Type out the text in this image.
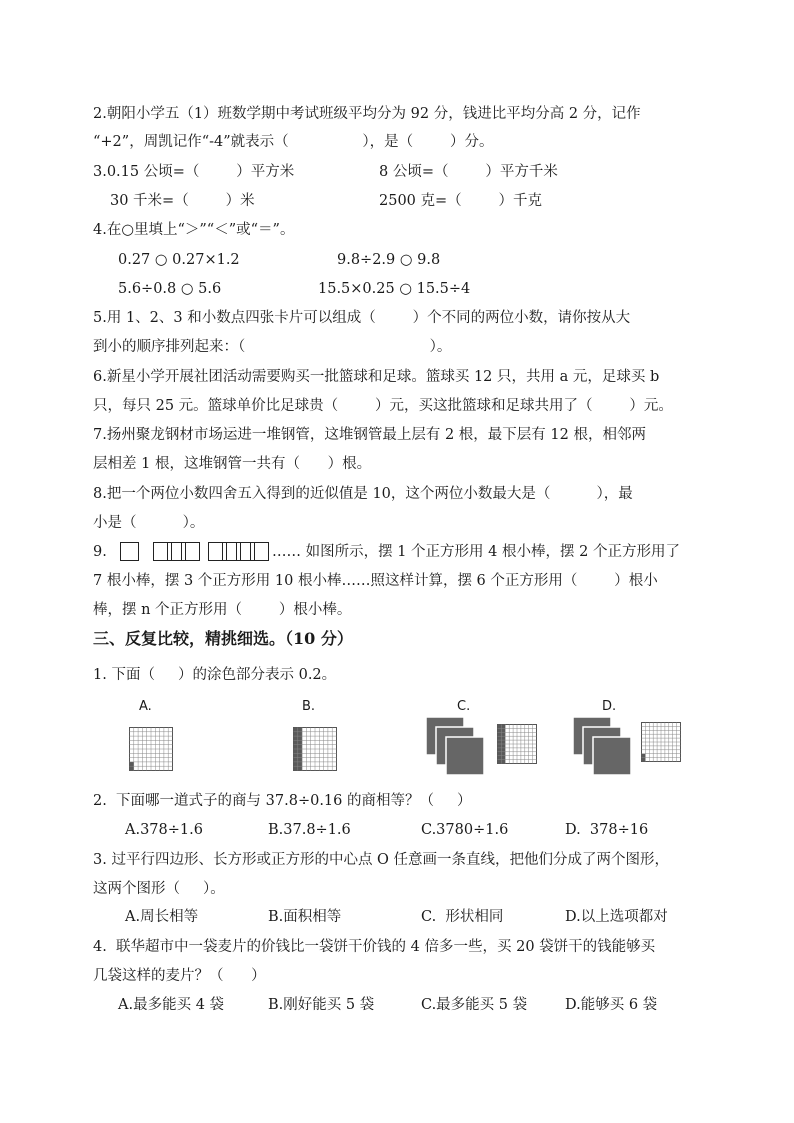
2.朝阳小学五（1）班数学期中考试班级平均分为 92 分，钱进比平均分高 2 分，记作
“+2”，周凯记作“-4”就表示（                ），是（        ）分。
3.0.15 公顷=（        ）平方米	8 公顷=（        ）平方千米
30 千米=（        ）米	2500 克=（        ）千克
4.在○里填上“＞”“＜”或“＝”。
0.27 ○ 0.27×1.2	9.8÷2.9 ○ 9.8
5.6÷0.8 ○ 5.6	15.5×0.25 ○ 15.5÷4
5.用 1、2、3 和小数点四张卡片可以组成（        ）个不同的两位小数，请你按从大
到小的顺序排列起来：（                                        ）。
6.新星小学开展社团活动需要购买一批篮球和足球。篮球买 12 只，共用 a 元，足球买 b
只，每只 25 元。篮球单价比足球贵（        ）元，买这批篮球和足球共用了（        ）元。
7.扬州聚龙钢材市场运进一堆钢管，这堆钢管最上层有 2 根，最下层有 12 根，相邻两
层相差 1 根，这堆钢管一共有（      ）根。
8.把一个两位小数四舍五入得到的近似值是 10，这个两位小数最大是（          ），最
小是（          ）。
9.	…… 如图所示，摆 1 个正方形用 4 根小棒，摆 2 个正方形用了
7 根小棒，摆 3 个正方形用 10 根小棒……照这样计算，摆 6 个正方形用（        ）根小
棒，摆 n 个正方形用（        ）根小棒。
三、反复比较，精挑细选。（10 分）
1. 下面（     ）的涂色部分表示 0.2。
A.	B.	C.	D.
2.  下面哪一道式子的商与 37.8÷0.16 的商相等？（     ）
A.378÷1.6	B.37.8÷1.6	C.3780÷1.6	D.  378÷16
3. 过平行四边形、长方形或正方形的中心点 O 任意画一条直线，把他们分成了两个图形，
这两个图形（     ）。
A.周长相等	B.面积相等	C.  形状相同	D.以上选项都对
4.  联华超市中一袋麦片的价钱比一袋饼干价钱的 4 倍多一些，买 20 袋饼干的钱能够买
几袋这样的麦片？（      ）
A.最多能买 4 袋	B.刚好能买 5 袋	C.最多能买 5 袋	D.能够买 6 袋
